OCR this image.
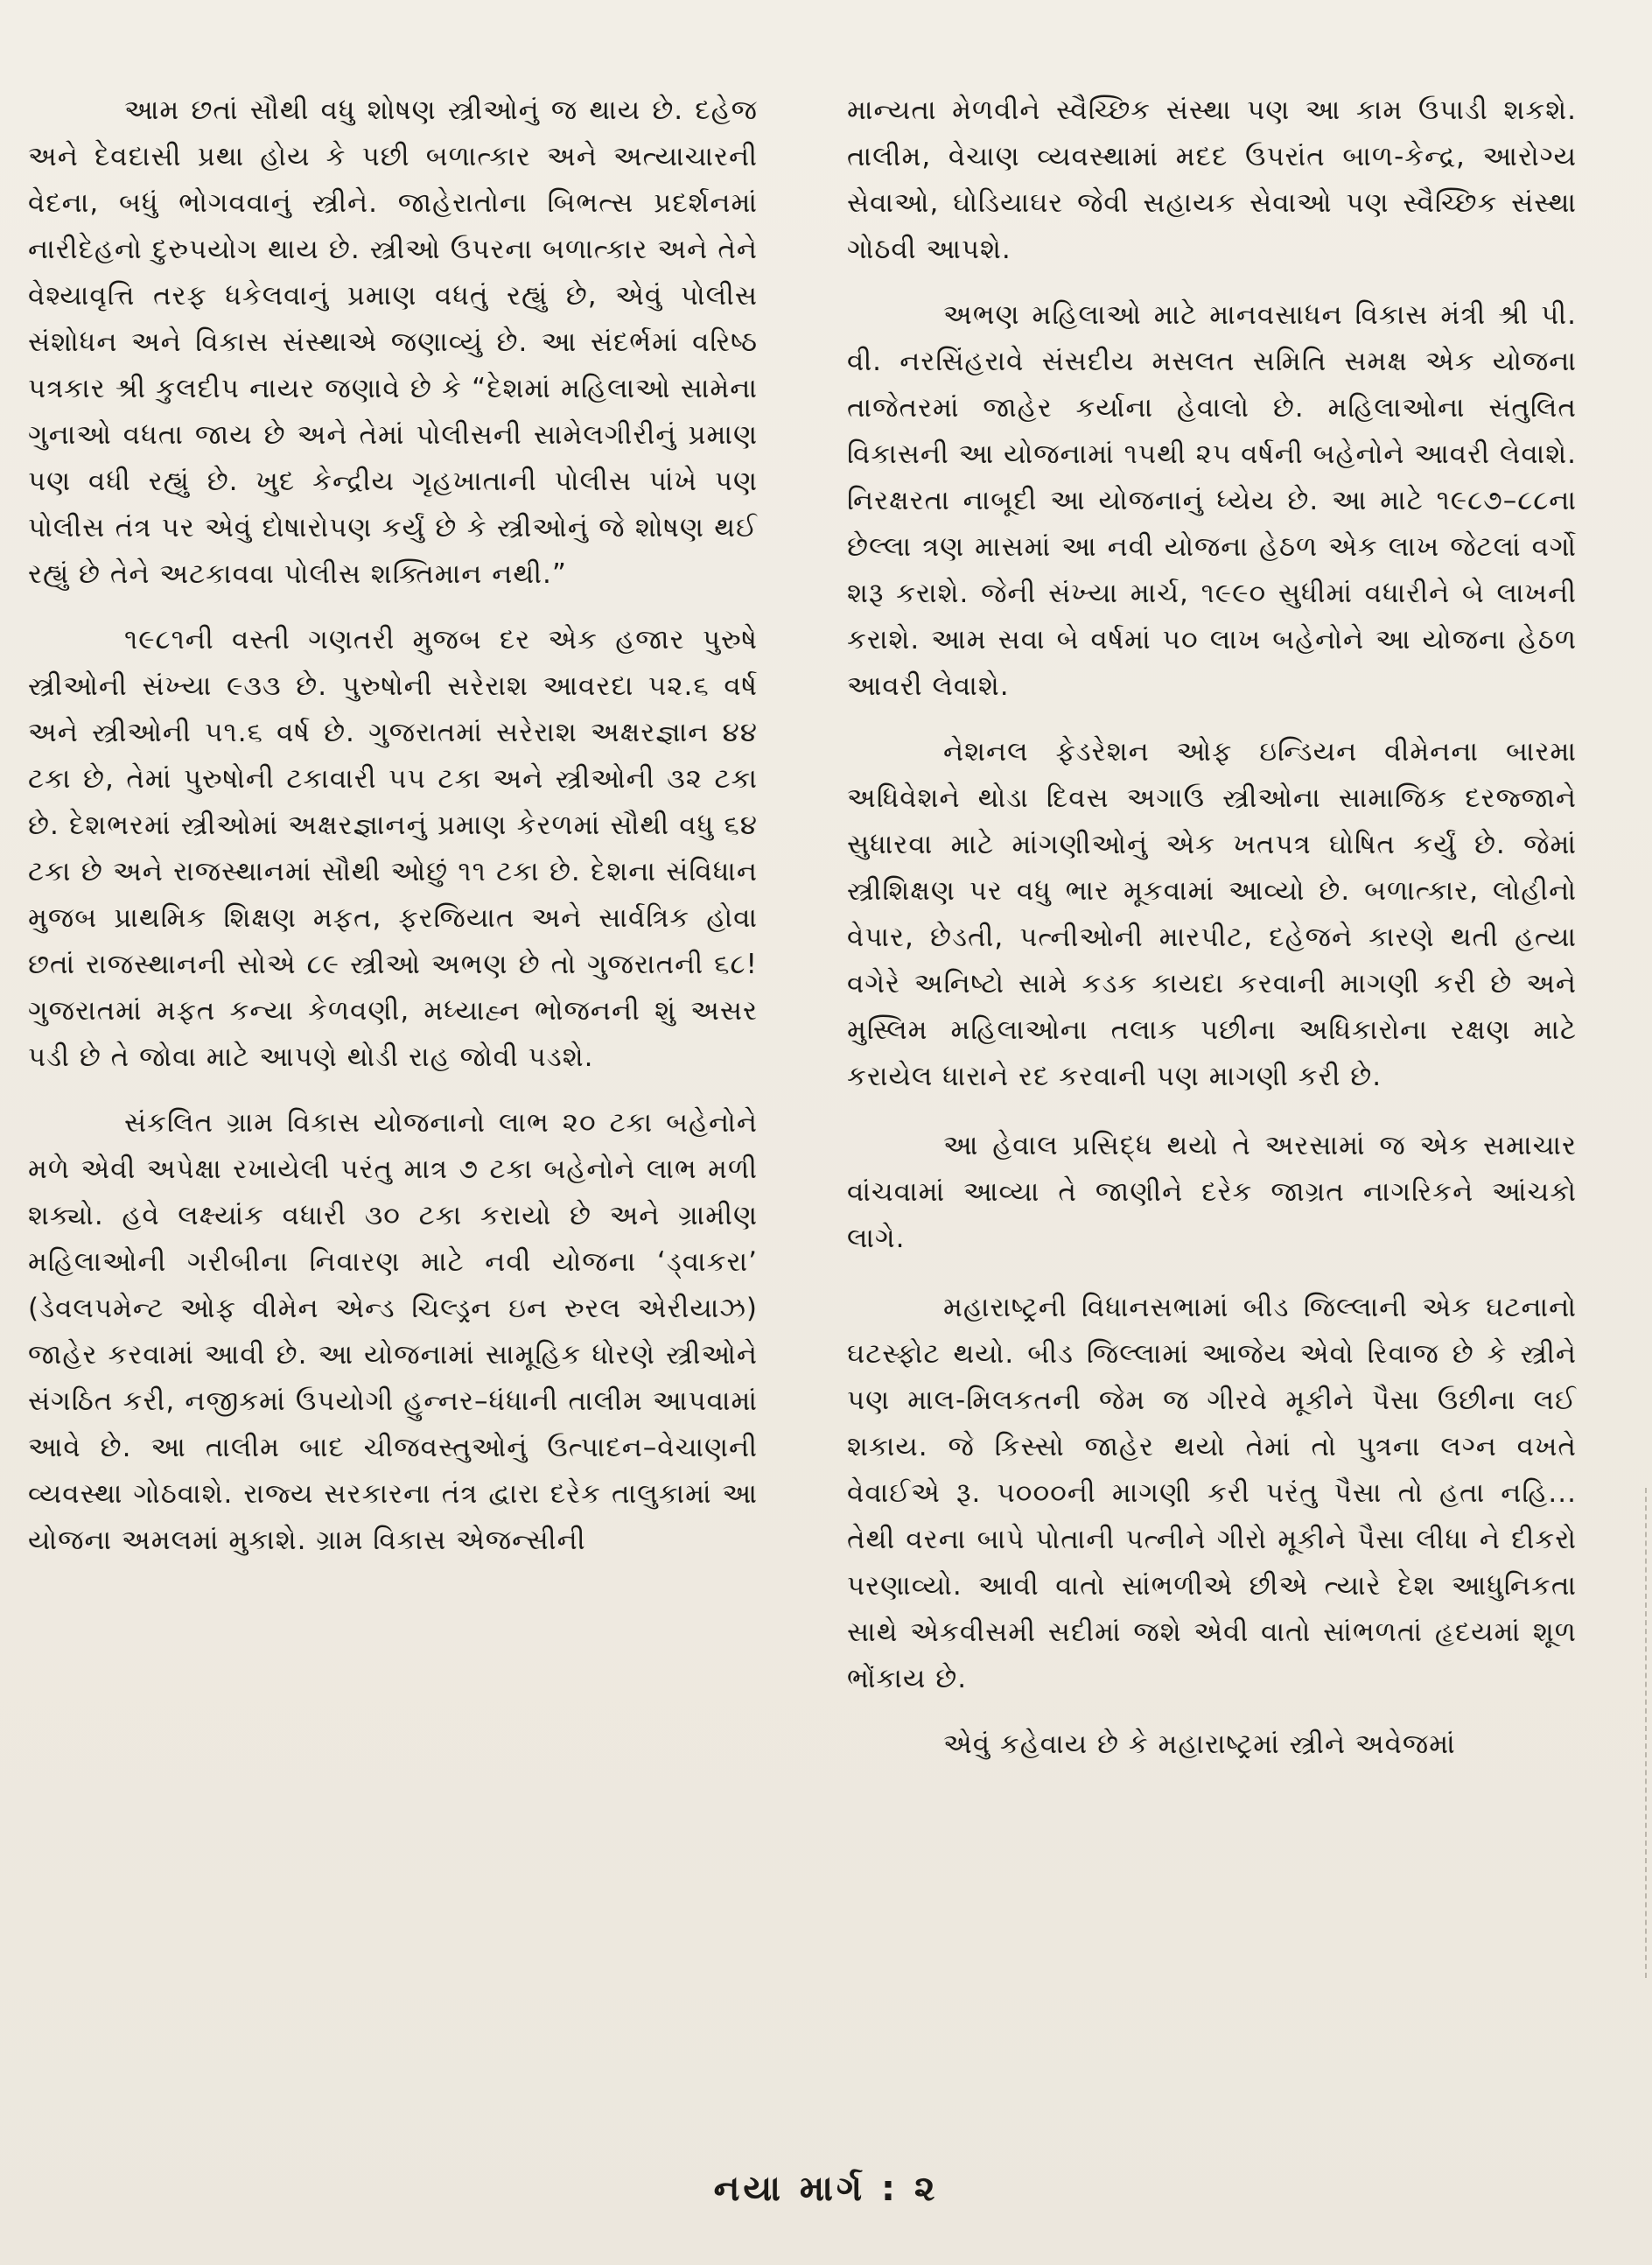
આમ છતાં સૌથી વધુ શોષણ સ્ત્રીઓનું જ થાય છે. દહેજ અને દેવદાસી પ્રથા હોય કે પછી બળાત્કાર અને અત્યાચારની વેદના, બધું ભોગવવાનું સ્ત્રીને. જાહેરાતોના બિભત્સ પ્રદર્શનમાં નારીદેહનો દુરુપયોગ થાય છે. સ્ત્રીઓ ઉપરના બળાત્કાર અને તેને વેશ્યાવૃત્તિ તરફ ધકેલવાનું પ્રમાણ વધતું રહ્યું છે, એવું પોલીસ સંશોધન અને વિકાસ સંસ્થાએ જણાવ્યું છે. આ સંદર્ભમાં વરિષ્ઠ પત્રકાર શ્રી કુલદીપ નાયર જણાવે છે કે “દેશમાં મહિલાઓ સામેના ગુનાઓ વધતા જાય છે અને તેમાં પોલીસની સામેલગીરીનું પ્રમાણ પણ વધી રહ્યું છે. ખુદ કેન્દ્રીય ગૃહખાતાની પોલીસ પાંખે પણ પોલીસ તંત્ર પર એવું દોષારોપણ કર્યું છે કે સ્ત્રીઓનું જે શોષણ થઈ રહ્યું છે તેને અટકાવવા પોલીસ શક્તિમાન નથી.”

૧૯૮૧ની વસ્તી ગણતરી મુજબ દર એક હજાર પુરુષે સ્ત્રીઓની સંખ્યા ૯૩૩ છે. પુરુષોની સરેરાશ આવરદા ૫૨.૬ વર્ષ અને સ્ત્રીઓની ૫૧.૬ વર્ષ છે. ગુજરાતમાં સરેરાશ અક્ષરજ્ઞાન ૪૪ ટકા છે, તેમાં પુરુષોની ટકાવારી ૫૫ ટકા અને સ્ત્રીઓની ૩૨ ટકા છે. દેશભરમાં સ્ત્રીઓમાં અક્ષરજ્ઞાનનું પ્રમાણ કેરળમાં સૌથી વધુ ૬૪ ટકા છે અને રાજસ્થાનમાં સૌથી ઓછું ૧૧ ટકા છે. દેશના સંવિધાન મુજબ પ્રાથમિક શિક્ષણ મફત, ફરજિયાત અને સાર્વત્રિક હોવા છતાં રાજસ્થાનની સોએ ૮૯ સ્ત્રીઓ અભણ છે તો ગુજરાતની ૬૮! ગુજરાતમાં મફત કન્યા કેળવણી, મધ્યાહ્ન ભોજનની શું અસર પડી છે તે જોવા માટે આપણે થોડી રાહ જોવી પડશે.

સંકલિત ગ્રામ વિકાસ યોજનાનો લાભ ૨૦ ટકા બહેનોને મળે એવી અપેક્ષા રખાયેલી પરંતુ માત્ર ૭ ટકા બહેનોને લાભ મળી શક્યો. હવે લક્ષ્યાંક વધારી ૩૦ ટકા કરાયો છે અને ગ્રામીણ મહિલાઓની ગરીબીના નિવારણ માટે નવી યોજના ‘ડ્વાકરા’ (ડેવલપમેન્ટ ઓફ વીમેન એન્ડ ચિલ્ડ્રન ઇન રુરલ એરીયાઝ) જાહેર કરવામાં આવી છે. આ યોજનામાં સામૂહિક ધોરણે સ્ત્રીઓને સંગઠિત કરી, નજીકમાં ઉપયોગી હુન્નર–ધંધાની તાલીમ આપવામાં આવે છે. આ તાલીમ બાદ ચીજવસ્તુઓનું ઉત્પાદન–વેચાણની વ્યવસ્થા ગોઠવાશે. રાજ્ય સરકારના તંત્ર દ્વારા દરેક તાલુકામાં આ યોજના અમલમાં મુકાશે. ગ્રામ વિકાસ એજન્સીની

માન્યતા મેળવીને સ્વૈચ્છિક સંસ્થા પણ આ કામ ઉપાડી શકશે. તાલીમ, વેચાણ વ્યવસ્થામાં મદદ ઉપરાંત બાળ-કેન્દ્ર, આરોગ્ય સેવાઓ, ઘોડિયાઘર જેવી સહાયક સેવાઓ પણ સ્વૈચ્છિક સંસ્થા ગોઠવી આપશે.

અભણ મહિલાઓ માટે માનવસાધન વિકાસ મંત્રી શ્રી પી. વી. નરસિંહરાવે સંસદીય મસલત સમિતિ સમક્ષ એક યોજના તાજેતરમાં જાહેર કર્યાના હેવાલો છે. મહિલાઓના સંતુલિત વિકાસની આ યોજનામાં ૧૫થી ૨૫ વર્ષની બહેનોને આવરી લેવાશે. નિરક્ષરતા નાબૂદી આ યોજનાનું ધ્યેય છે. આ માટે ૧૯૮૭–૮૮ના છેલ્લા ત્રણ માસમાં આ નવી યોજના હેઠળ એક લાખ જેટલાં વર્ગો શરૂ કરાશે. જેની સંખ્યા માર્ચ, ૧૯૯૦ સુધીમાં વધારીને બે લાખની કરાશે. આમ સવા બે વર્ષમાં ૫૦ લાખ બહેનોને આ યોજના હેઠળ આવરી લેવાશે.

નેશનલ ફેડરેશન ઓફ ઇન્ડિયન વીમેનના બારમા અધિવેશને થોડા દિવસ અગાઉ સ્ત્રીઓના સામાજિક દરજ્જાને સુધારવા માટે માંગણીઓનું એક ખતપત્ર ઘોષિત કર્યું છે. જેમાં સ્ત્રીશિક્ષણ પર વધુ ભાર મૂકવામાં આવ્યો છે. બળાત્કાર, લોહીનો વેપાર, છેડતી, પત્નીઓની મારપીટ, દહેજને કારણે થતી હત્યા વગેરે અનિષ્ટો સામે કડક કાયદા કરવાની માગણી કરી છે અને મુસ્લિમ મહિલાઓના તલાક પછીના અધિકારોના રક્ષણ માટે કરાયેલ ધારાને રદ કરવાની પણ માગણી કરી છે.

આ હેવાલ પ્રસિદ્ધ થયો તે અરસામાં જ એક સમાચાર વાંચવામાં આવ્યા તે જાણીને દરેક જાગ્રત નાગરિકને આંચકો લાગે.

મહારાષ્ટ્રની વિધાનસભામાં બીડ જિલ્લાની એક ઘટનાનો ઘટસ્ફોટ થયો. બીડ જિલ્લામાં આજેય એવો રિવાજ છે કે સ્ત્રીને પણ માલ-મિલકતની જેમ જ ગીરવે મૂકીને પૈસા ઉછીના લઈ શકાય. જે કિસ્સો જાહેર થયો તેમાં તો પુત્રના લગ્ન વખતે વેવાઈએ રૂ. ૫૦૦૦ની માગણી કરી પરંતુ પૈસા તો હતા નહિ... તેથી વરના બાપે પોતાની પત્નીને ગીરો મૂકીને પૈસા લીધા ને દીકરો પરણાવ્યો. આવી વાતો સાંભળીએ છીએ ત્યારે દેશ આધુનિકતા સાથે એકવીસમી સદીમાં જશે એવી વાતો સાંભળતાં હૃદયમાં શૂળ ભોંકાય છે.

એવું કહેવાય છે કે મહારાષ્ટ્રમાં સ્ત્રીને અવેજમાં

નયા માર્ગ : ૨
